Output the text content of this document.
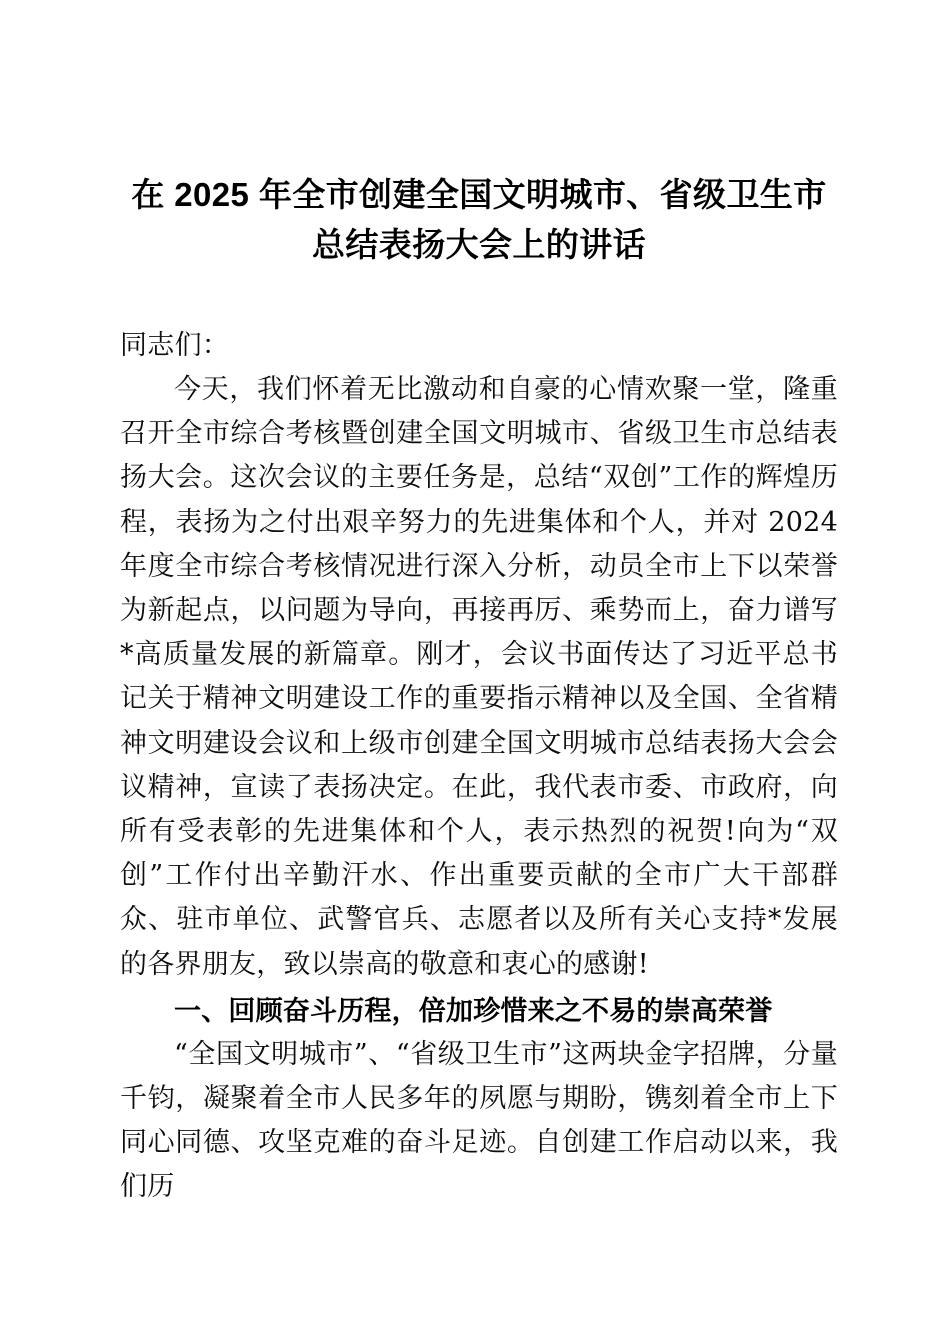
在 2025 年全市创建全国文明城市、省级卫生市总结表扬大会上的讲话

同志们：

今天，我们怀着无比激动和自豪的心情欢聚一堂，隆重召开全市综合考核暨创建全国文明城市、省级卫生市总结表扬大会。这次会议的主要任务是，总结“双创”工作的辉煌历程，表扬为之付出艰辛努力的先进集体和个人，并对 2024 年度全市综合考核情况进行深入分析，动员全市上下以荣誉为新起点，以问题为导向，再接再厉、乘势而上，奋力谱写*高质量发展的新篇章。刚才，会议书面传达了习近平总书记关于精神文明建设工作的重要指示精神以及全国、全省精神文明建设会议和上级市创建全国文明城市总结表扬大会会议精神，宣读了表扬决定。在此，我代表市委、市政府，向所有受表彰的先进集体和个人，表示热烈的祝贺!向为“双创”工作付出辛勤汗水、作出重要贡献的全市广大干部群众、驻市单位、武警官兵、志愿者以及所有关心支持*发展的各界朋友，致以崇高的敬意和衷心的感谢!

一、回顾奋斗历程，倍加珍惜来之不易的崇高荣誉

“全国文明城市”、“省级卫生市”这两块金字招牌，分量千钧，凝聚着全市人民多年的夙愿与期盼，镌刻着全市上下同心同德、攻坚克难的奋斗足迹。自创建工作启动以来，我们历
